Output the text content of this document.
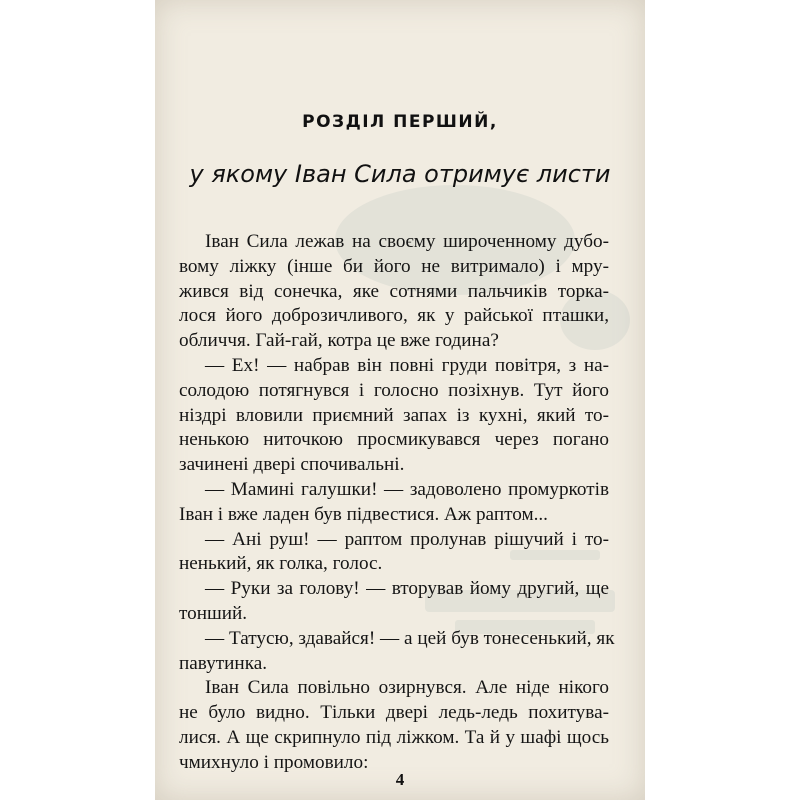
РОЗДІЛ ПЕРШИЙ,
у якому Іван Сила отримує листи
Іван Сила лежав на своєму широченному дубо-
вому ліжку (інше би його не витримало) і мру-
жився від сонечка, яке сотнями пальчиків торка-
лося його доброзичливого, як у райської пташки,
обличчя. Гай-гай, котра це вже година?
— Ех! — набрав він повні груди повітря, з на-
солодою потягнувся і голосно позіхнув. Тут його
ніздрі вловили приємний запах із кухні, який то-
ненькою ниточкою просмикувався через погано
зачинені двері спочивальні.
— Мамині галушки! — задоволено промуркотів
Іван і вже ладен був підвестися. Аж раптом...
— Ані руш! — раптом пролунав рішучий і то-
ненький, як голка, голос.
— Руки за голову! — вторував йому другий, ще
тонший.
— Татусю, здавайся! — а цей був тонесенький, як
павутинка.
Іван Сила повільно озирнувся. Але ніде нікого
не було видно. Тільки двері ледь-ледь похитува-
лися. А ще скрипнуло під ліжком. Та й у шафі щось
чмихнуло і промовило:
4
